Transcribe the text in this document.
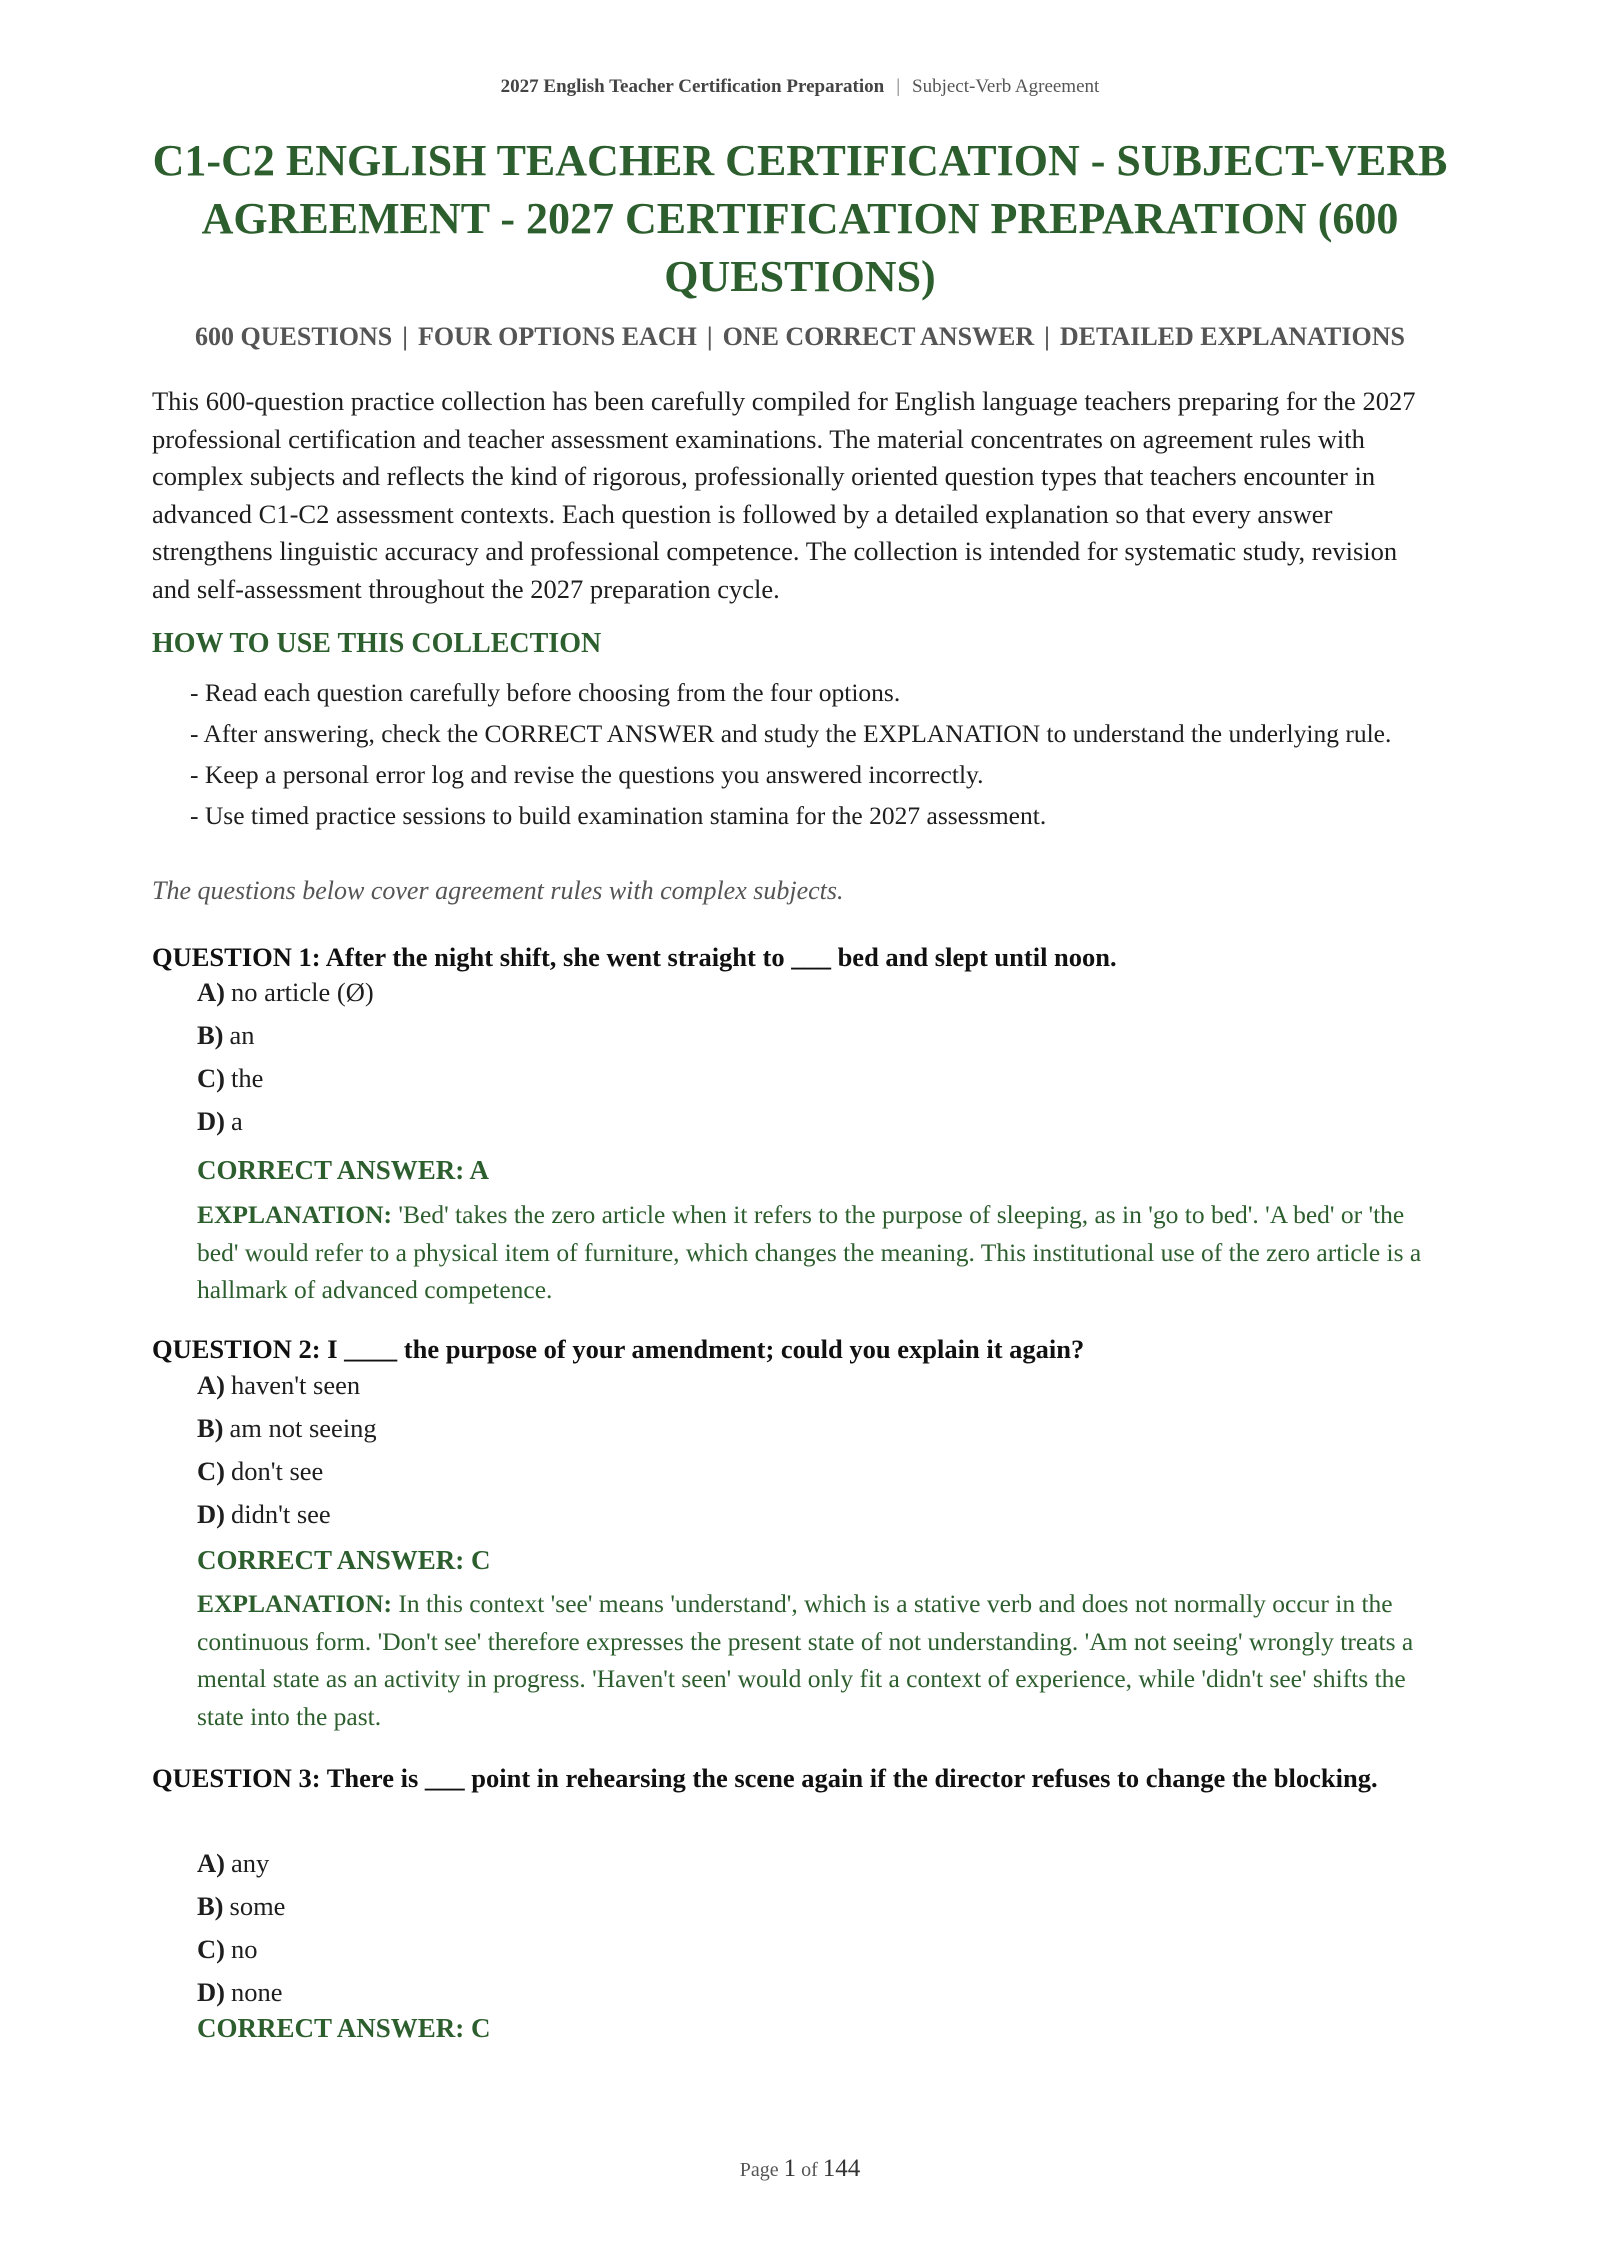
2027 English Teacher Certification Preparation | Subject-Verb Agreement
C1-C2 ENGLISH TEACHER CERTIFICATION - SUBJECT-VERB AGREEMENT - 2027 CERTIFICATION PREPARATION (600 QUESTIONS)
600 QUESTIONS | FOUR OPTIONS EACH | ONE CORRECT ANSWER | DETAILED EXPLANATIONS

This 600-question practice collection has been carefully compiled for English language teachers preparing for the 2027 professional certification and teacher assessment examinations. The material concentrates on agreement rules with complex subjects and reflects the kind of rigorous, professionally oriented question types that teachers encounter in advanced C1-C2 assessment contexts. Each question is followed by a detailed explanation so that every answer strengthens linguistic accuracy and professional competence. The collection is intended for systematic study, revision and self-assessment throughout the 2027 preparation cycle.

HOW TO USE THIS COLLECTION
- Read each question carefully before choosing from the four options.
- After answering, check the CORRECT ANSWER and study the EXPLANATION to understand the underlying rule.
- Keep a personal error log and revise the questions you answered incorrectly.
- Use timed practice sessions to build examination stamina for the 2027 assessment.
The questions below cover agreement rules with complex subjects.
QUESTION 1: After the night shift, she went straight to ___ bed and slept until noon.
A) no article (Ø)
B) an
C) the
D) a
CORRECT ANSWER: A

EXPLANATION: 'Bed' takes the zero article when it refers to the purpose of sleeping, as in 'go to bed'. 'A bed' or 'the bed' would refer to a physical item of furniture, which changes the meaning. This institutional use of the zero article is a hallmark of advanced competence.

QUESTION 2: I ____ the purpose of your amendment; could you explain it again?
A) haven't seen
B) am not seeing
C) don't see
D) didn't see
CORRECT ANSWER: C

EXPLANATION: In this context 'see' means 'understand', which is a stative verb and does not normally occur in the continuous form. 'Don't see' therefore expresses the present state of not understanding. 'Am not seeing' wrongly treats a mental state as an activity in progress. 'Haven't seen' would only fit a context of experience, while 'didn't see' shifts the state into the past.

QUESTION 3: There is ___ point in rehearsing the scene again if the director refuses to change the blocking.
A) any
B) some
C) no
D) none
CORRECT ANSWER: C
Page 1 of 144
